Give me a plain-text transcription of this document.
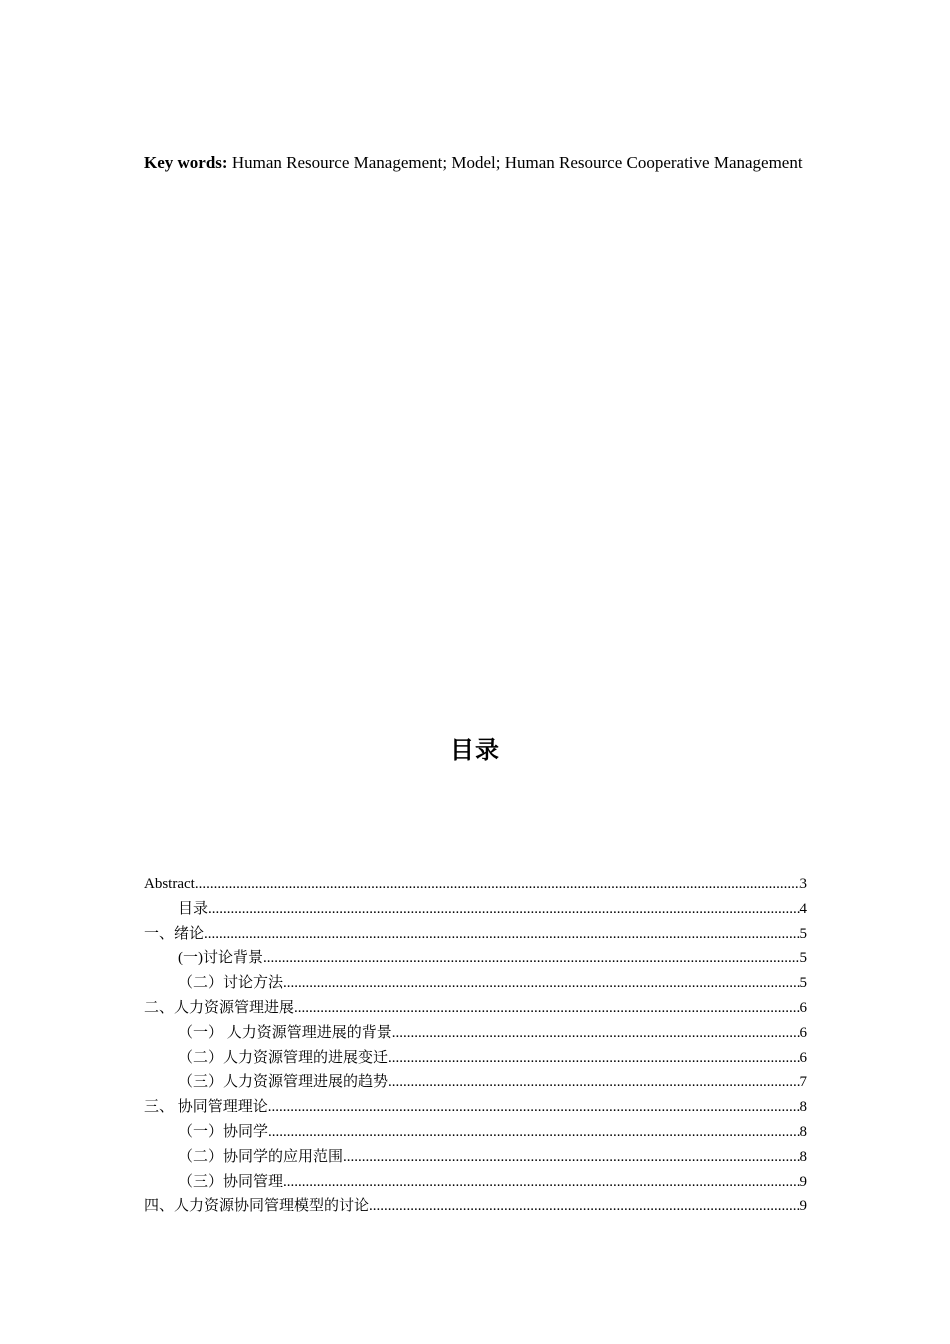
Key words: Human Resource Management; Model; Human Resource Cooperative Management
目录
Abstract .....	3
目录 .....	4
一、绪论 .....	5
(一)讨论背景 .....	5
（二）讨论方法 .....	5
二、人力资源管理进展 .....	6
（一） 人力资源管理进展的背景 .....	6
（二）人力资源管理的进展变迁 .....	6
（三）人力资源管理进展的趋势 .....	7
三、 协同管理理论 .....	8
（一）协同学 .....	8
（二）协同学的应用范围 .....	8
（三）协同管理 .....	9
四、人力资源协同管理模型的讨论 .....	9
